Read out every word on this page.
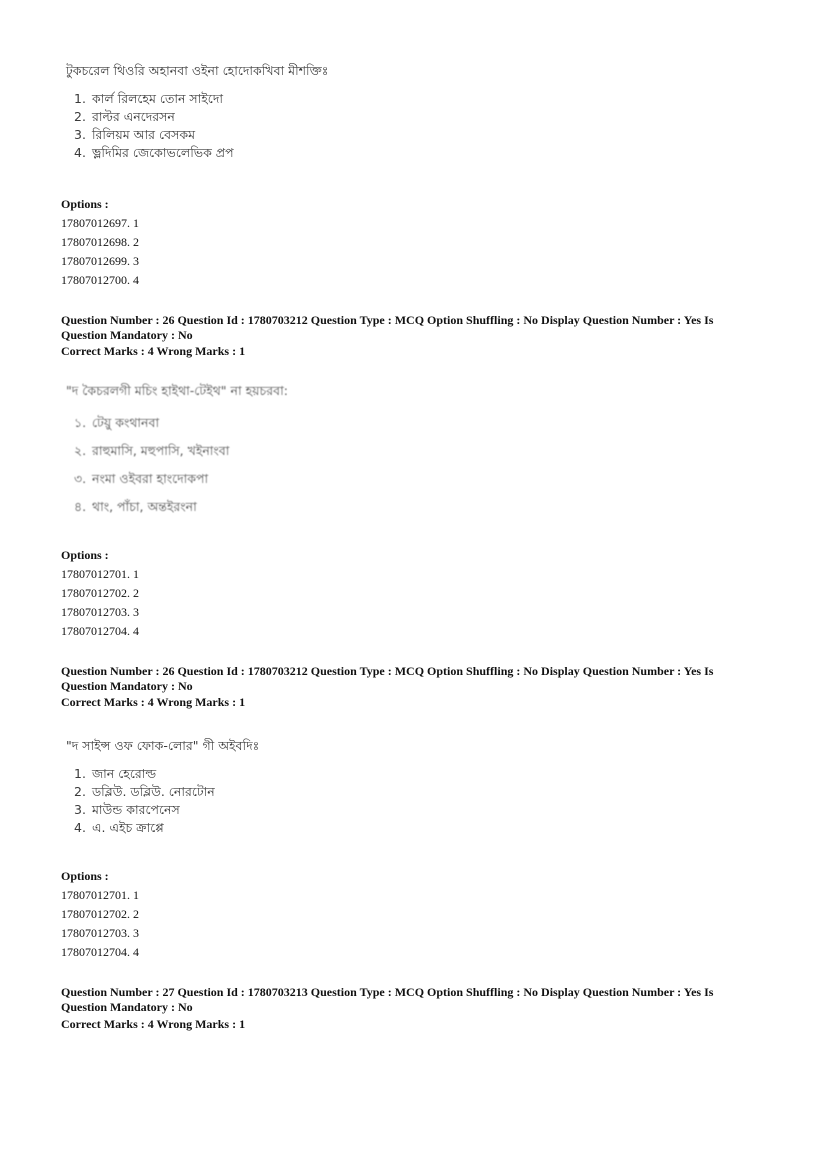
টুকচরেল থিওরি অহানবা ওইনা হোদোকখিবা মীশক্তিঃ
1. কার্ল রিলহেম তোন সাইদো
2. রাল্টর এনদেরসন
3. রিলিয়ম আর বেসকম
4. ভ্লদিমির জেকোভলেভিক প্রপ
Options :
17807012697. 1
17807012698. 2
17807012699. 3
17807012700. 4
Question Number : 26 Question Id : 1780703212 Question Type : MCQ Option Shuffling : No Display Question Number : Yes Is
Question Mandatory : No
Correct Marks : 4 Wrong Marks : 1
"দ কৈচরলগী মচিং হাইথা-টেইথ" না হয়চরবা:
১. টেয়ু কংথানবা
২. রাহুমাসি, মহুপাসি, খইনাংবা
৩. নংমা ওইবরা হাংদোকপা
৪. থাং, পাঁচা, অন্তইরংনা
Options :
17807012701. 1
17807012702. 2
17807012703. 3
17807012704. 4
Question Number : 26 Question Id : 1780703212 Question Type : MCQ Option Shuffling : No Display Question Number : Yes Is
Question Mandatory : No
Correct Marks : 4 Wrong Marks : 1
"দ সাইন্স ওফ ফোক-লোর" গী অইবদিঃ
1. জান হেরোল্ড
2. ডব্লিউ. ডব্লিউ. নোরটোন
3. মাউন্ড কারপেনেস
4. এ. এইচ ক্রাপ্পে
Options :
17807012701. 1
17807012702. 2
17807012703. 3
17807012704. 4
Question Number : 27 Question Id : 1780703213 Question Type : MCQ Option Shuffling : No Display Question Number : Yes Is
Question Mandatory : No
Correct Marks : 4 Wrong Marks : 1
